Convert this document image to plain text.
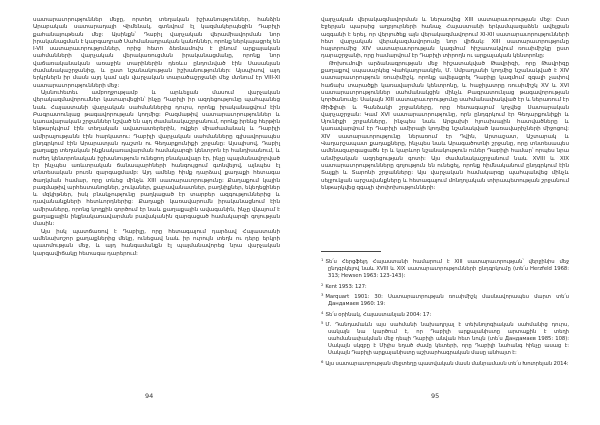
սատարաւորություններ մեջը, որտեղ տեղական իշխանություններ, հանձին Արաբական սատարադայի Վիմենակ, գտնվում էլ կազմակերպեցին Դաբիլի քահանայութեան մեջ: Այսինքն՝ Դաբիլ վարչական վերամիավորման նոր իրականացման է կարգադրած Սահմանադրական կանոններ, որոնք ներկայացրել են I-VII սատարաւորություններ, որից հետո ձեռնամուխ է լինում արքայական սահմանների վարչական վերակառուցման իրականացմանը, որոնք նոր վաճառականական առաջին տարիներին դեռևս ընդունված էին Սասանյան ժամանակաշրջանից, և ըստ նշանակության իշխանություններ: Այսպիսով այդ երկրներն իր մասն այդ կամ այն վարչական տարածաշրջանի մեջ մտնում էր VIII-XI սատարաւորությունների մեջ:

Այսնուհետեւ ամբողջությամբ և արևելյան մասում վարչական վերակազմավորումներ կատարվեցին՝ ինչը Դաբիլի իր ազդեցությունը պահպանեց նաև Հայաստանի վարչական սահմաններից դուրս, որոնք իրականացվում էին Բագրատունյաց թագավորության կողմից: Բազմաթիվ սատարաւորություններ և կառավարական շրջաններ նշված են այդ ժամանակաշրջանում, որոնք իրենց հերթին ենթարկվում էին տեղական ավատատերերին, ովքեր միաժամանակ և Դաբիլի ամիրայությանն էին հարկատու: Դաբիլի վարչական սահմանները գլխավորապես ընդգրկում էին Արարատյան դաշտն ու Գեղարքունիքի շրջանը: Այսպիսով, Դաբիլ քաղաքը տեղական ինքնակառավարման համակարգի կենտրոն էր հանդիսանում, և ուժեղ կենտրոնական իշխանություն ունեցող բնակավայր էր, ինչը պայմանավորված էր ինչպես առևտրական ճանապարհների հանգույցում գտնվելով, այնպես էլ տնտեսական բուռն զարգացմամբ: Այդ ամենը հիմք դարձավ քաղաքի հետագա ծաղկման համար, որը տևեց մինչև XIII սատարաւորությունը: Քաղաքում կային բազմաթիվ արհեստանոցներ, շուկաներ, քարավանատներ, բաղնիքներ, եկեղեցիներ և մզկիթներ, իսկ բնակչությունը բաղկացած էր տարբեր ազգություններից և դավանանքների հետևորդներից: Քաղաքի կառավարումն իրականացնում էին ամիրաները, որոնց կողքին գործում էր նաև քաղաքային ավագանին, ինչը վկայում է քաղաքային ինքնակառավարման բավականին զարգացած համակարգի գոյության մասին:

Այս իսկ պատճառով է Դաբիլը, որը հետագայում դարձավ Հայաստանի ամենախոշոր քաղաքներից մեկը, ունեցավ նաև իր ուրույն տեղն ու դերը երկրի պատմության մեջ, և այդ հանգամանքն էլ պայմանավորեց նրա վարչական կարգավիճակը հետագա դարերում:

94

վարչական վերակազմավորման և ներառվեց XIII սատարաւորության մեջ: Ըստ Էջերյան պարսից աղբյուրների հանաչ Հայաստանի երկամպազաձեն ավելցան ազգանի է երել, որ վերլուծեք այն վերակազմավորում XI-XII սատարաւորությունների հետ վարչական վերակազմավորումը նոր վիճակ: XIII սատարաւորությունը հայտրումից XIV սատարաւորության կազմում հիշատակվում ռուսիմիշկը ըստ դարաշրջանի, որը համարվում էր Դաբիլի տիրողն ու արքայական կենտրոնը:

Թոխումովի արձանագրության մեջ հիշատակված Թավրիզի, որը Թավրիզը քաղաքով սպասարկեց Վահկադրասկին, Մ. Սմբադյանի կողմից նշանակված է XIV սատարաւորություն ռուսիմիշկ, որոնք ավելացրել Դաբիլը կազմում զգալի չափով հաճախ տարածքի կառավարման կենտրոնը, և հաջիլատրը ռուսիմիշկ XV և XVI սատարաւորություններ սահմանակցին մինչև Բագրատունյաց թագավորության կործանումը: Սակայն XIII սատարաւորությունը սահմանափակված էր և ներառում էր Թիֆլիսի և Գանձակի շրջանները, որը հետագայում կոչվեց Սատարական վարչաշրջան: Կամ XVI սատարաւորությունը, որն ընդգրկում էր Գեղարքունիքի և Սյունիքի շրջանները, ինչպես նաև Արցախի հյուսիսային հատվածները և կառավարվում էր Դաբիլի ամիրայի կողմից նշանակված կառավարիչների միջոցով: XIV սատարաւորությունը ներառում էր Դվին, Արտաշատ, Աշտարակ և Վաղարշապատ քաղաքները, ինչպես նաև Արագածոտնի շրջանը, որը տնտեսապես ամենազարգացածն էր և կարևոր նշանակություն ուներ Դաբիլի համար՝ որպես նրա անմիջական ազդեցության գոտի: Այս ժամանակաշրջանում նաև XVIII և XIX սատարաւորությունները գոյություն են ունեցել, որոնք հիմնականում ընդգրկում էին Տայքի և Տարոնի շրջանները: Այս վարչական համակարգը պահպանվեց մինչև սելջուկյան արշավանքները և հետագայում մոնղոլական տիրապետության շրջանում ենթարկվեց զգալի փոփոխությունների:

$^1$ Տե՛ս Հերցֆելդ Հայաստանի համարում է XIII սատարաւորության՝ վերջինիս մեջ ընդգրկելով նաև XVIII և XIX սատարաւորությունների ընդգրկումը (տե՛ս Herzfeld 1968: 313; Hewsen 1963: 123-143):

$^2$ Kent 1953: 127:

$^3$ Marquart 1901: 30: Սատարաւորության ռուսիմիշկ մասնավորապես մարտ տե՛ս Дандамаев 1960: 19:

$^4$ Տե՛ս օրինակ, Հայաստանյան 2004: 17:

$^5$ Մ. Դանդամաևն այս սահմանի նախադրյալ է տեխնոլոգիական սահմանից դուրս, սակայն նա կարծում է, որ Դաբիլի արքայանիստը արտաքին է տեղի սահմանափակման մեջ դեպի Դաբիլի անվան հետ նույն (տե՛ս Дандамаев 1985: 108): Սակայն սկզբը է Միլիս եղած ժամը կետերի, որը Դաբիլի նահանգ հինչը ասաց է: Սակայն Դաբիլի արքայանիստը աշխարհագրական մասը անհայտ է:

$^6$ Այս սատարաւորության մեջտեղը պատվական մասն մանրամասն տե՛ս Խոտրեյան 2014:

95
